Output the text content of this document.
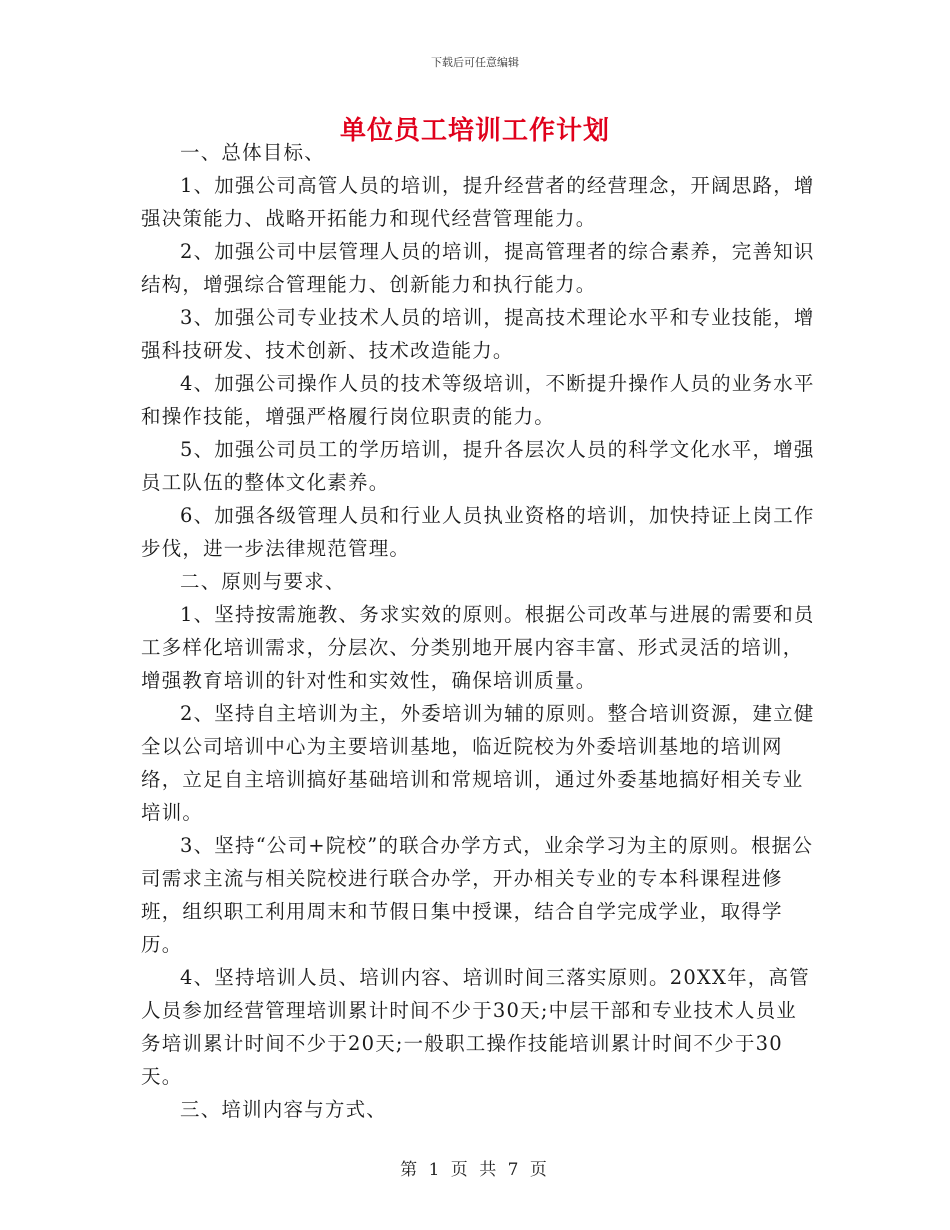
下载后可任意编辑
单位员工培训工作计划

一、总体目标、

1、加强公司高管人员的培训，提升经营者的经营理念，开阔思路，增强决策能力、战略开拓能力和现代经营管理能力。

2、加强公司中层管理人员的培训，提高管理者的综合素养，完善知识结构，增强综合管理能力、创新能力和执行能力。

3、加强公司专业技术人员的培训，提高技术理论水平和专业技能，增强科技研发、技术创新、技术改造能力。

4、加强公司操作人员的技术等级培训，不断提升操作人员的业务水平和操作技能，增强严格履行岗位职责的能力。

5、加强公司员工的学历培训，提升各层次人员的科学文化水平，增强员工队伍的整体文化素养。

6、加强各级管理人员和行业人员执业资格的培训，加快持证上岗工作步伐，进一步法律规范管理。

二、原则与要求、

1、坚持按需施教、务求实效的原则。根据公司改革与进展的需要和员工多样化培训需求，分层次、分类别地开展内容丰富、形式灵活的培训，增强教育培训的针对性和实效性，确保培训质量。

2、坚持自主培训为主，外委培训为辅的原则。整合培训资源，建立健全以公司培训中心为主要培训基地，临近院校为外委培训基地的培训网络，立足自主培训搞好基础培训和常规培训，通过外委基地搞好相关专业培训。

3、坚持“公司+院校”的联合办学方式，业余学习为主的原则。根据公司需求主流与相关院校进行联合办学，开办相关专业的专本科课程进修班，组织职工利用周末和节假日集中授课，结合自学完成学业，取得学历。

4、坚持培训人员、培训内容、培训时间三落实原则。20XX年，高管人员参加经营管理培训累计时间不少于30天;中层干部和专业技术人员业务培训累计时间不少于20天;一般职工操作技能培训累计时间不少于30天。

三、培训内容与方式、

第 1 页 共 7 页
